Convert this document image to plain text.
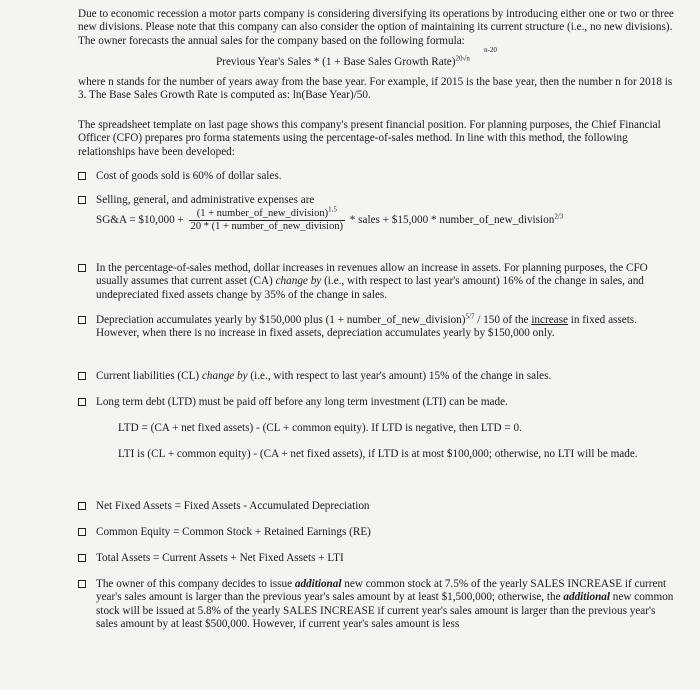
Due to economic recession a motor parts company is considering diversifying its operations by introducing either one or two or three new divisions. Please note that this company can also consider the option of maintaining its current structure (i.e., no new divisions). The owner forecasts the annual sales for the company based on the following formula:

n-20
Previous Year's Sales * (1 + Base Sales Growth Rate)$^{20√n}$

where n stands for the number of years away from the base year. For example, if 2015 is the base year, then the number n for 2018 is 3. The Base Sales Growth Rate is computed as: ln(Base Year)/50.

The spreadsheet template on last page shows this company's present financial position. For planning purposes, the Chief Financial Officer (CFO) prepares pro forma statements using the percentage-of-sales method. In line with this method, the following relationships have been developed:

Cost of goods sold is 60% of dollar sales.

Selling, general, and administrative expenses are

SG&A = $10,000 + $\frac{(1 + number\_of\_new\_division)^{1.5}}{\text{20 * (1 + number\_of\_new\_division)}}$ * sales + $15,000 * number_of_new_division$^{2/3}$

In the percentage-of-sales method, dollar increases in revenues allow an increase in assets. For planning purposes, the CFO usually assumes that current asset (CA) change by (i.e., with respect to last year's amount) 16% of the change in sales, and undepreciated fixed assets change by 35% of the change in sales.

Depreciation accumulates yearly by $150,000 plus (1 + number_of_new_division)$^{5/7}$ / 150 of the increase in fixed assets. However, when there is no increase in fixed assets, depreciation accumulates yearly by $150,000 only.

Current liabilities (CL) change by (i.e., with respect to last year's amount) 15% of the change in sales.

Long term debt (LTD) must be paid off before any long term investment (LTI) can be made.

LTD = (CA + net fixed assets) - (CL + common equity). If LTD is negative, then LTD = 0.

LTI is (CL + common equity) - (CA + net fixed assets), if LTD is at most $100,000; otherwise, no LTI will be made.

Net Fixed Assets = Fixed Assets - Accumulated Depreciation

Common Equity = Common Stock + Retained Earnings (RE)

Total Assets = Current Assets + Net Fixed Assets + LTI

The owner of this company decides to issue additional new common stock at 7.5% of the yearly SALES INCREASE if current year's sales amount is larger than the previous year's sales amount by at least $1,500,000; otherwise, the additional new common stock will be issued at 5.8% of the yearly SALES INCREASE if current year's sales amount is larger than the previous year's sales amount by at least $500,000. However, if current year's sales amount is less
